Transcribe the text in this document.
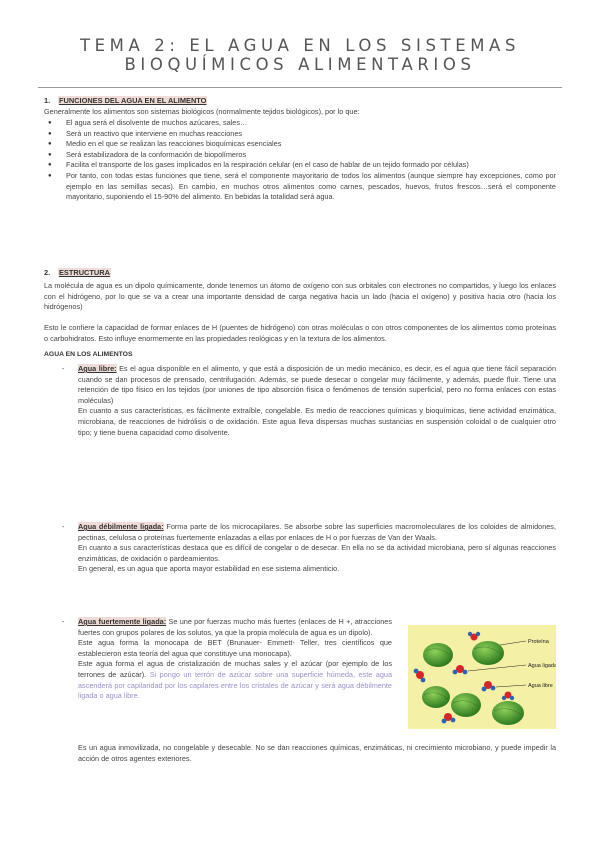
TEMA 2: EL AGUA EN LOS SISTEMAS
BIOQUÍMICOS ALIMENTARIOS
1. FUNCIONES DEL AGUA EN EL ALIMENTO
Generalmente los alimentos son sistemas biológicos (normalmente tejidos biológicos), por lo que:
● El agua será el disolvente de muchos azúcares, sales…
● Será un reactivo que interviene en muchas reacciones
● Medio en el que se realizan las reacciones bioquímicas esenciales
● Será estabilizadora de la conformación de biopolímeros
● Facilita el transporte de los gases implicados en la respiración celular (en el caso de hablar de un tejido formado por células)
● Por tanto, con todas estas funciones que tiene, será el componente mayoritario de todos los alimentos (aunque siempre hay excepciones, como por ejemplo en las semillas secas). En cambio, en muchos otros alimentos como carnes, pescados, huevos, frutos frescos…será el componente mayoritario, suponiendo el 15-90% del alimento. En bebidas la totalidad será agua.
2. ESTRUCTURA
La molécula de agua es un dipolo químicamente, donde tenemos un átomo de oxígeno con sus orbitales con electrones no compartidos, y luego los enlaces con el hidrógeno, por lo que se va a crear una importante densidad de carga negativa hacia un lado (hacia el oxígeno) y positiva hacia otro (hacia los hidrógenos)
Esto le confiere la capacidad de formar enlaces de H (puentes de hidrógeno) con otras moléculas o con otros componentes de los alimentos como proteínas o carbohidratos. Esto influye enormemente en las propiedades reológicas y en la textura de los alimentos.
AGUA EN LOS ALIMENTOS
-	Agua libre: Es el agua disponible en el alimento, y que está a disposición de un medio mecánico, es decir, es el agua que tiene fácil separación cuando se dan procesos de prensado, centrifugación. Además, se puede desecar o congelar muy fácilmente, y además, puede fluir. Tiene una retención de tipo físico en los tejidos (por uniones de tipo absorción física o fenómenos de tensión superficial, pero no forma enlaces con estas moléculas)

En cuanto a sus características, es fácilmente extraíble, congelable. Es medio de reacciones químicas y bioquímicas, tiene actividad enzimática, microbiana, de reacciones de hidrólisis o de oxidación. Este agua lleva dispersas muchas sustancias en suspensión coloidal o de cualquier otro tipo; y tiene buena capacidad como disolvente.

-	Agua débilmente ligada: Forma parte de los microcapilares. Se absorbe sobre las superficies macromoleculares de los coloides de almidones, pectinas, celulosa o proteínas fuertemente enlazadas a ellas por enlaces de H o por fuerzas de Van der Waals.

En cuanto a sus características destaca que es difícil de congelar o de desecar. En ella no se da actividad microbiana, pero sí algunas reacciones enzimáticas, de oxidación o pardeamientos.

En general, es un agua que aporta mayor estabilidad en ese sistema alimenticio.

-	Agua fuertemente ligada: Se une por fuerzas mucho más fuertes (enlaces de H +, atracciones fuertes con grupos polares de los solutos, ya que la propia molécula de agua es un dipolo).

Este agua forma la monocapa de BET (Brunauer- Emmett- Teller, tres científicos que establecieron esta teoría del agua que constituye una monocapa).

Este agua forma el agua de cristalización de muchas sales y el azúcar (por ejemplo de los terrones de azúcar). Si pongo un terrón de azúcar sobre una superficie húmeda, este agua ascenderá por capilaridad por los capilares entre los cristales de azúcar y será agua débilmente ligada o agua libre.

Es un agua inmovilizada, no congelable y desecable. No se dan reacciones químicas, enzimáticas, ni crecimiento microbiano, y puede impedir la acción de otros agentes exteriores.

Proteína
Agua ligada
Agua libre
